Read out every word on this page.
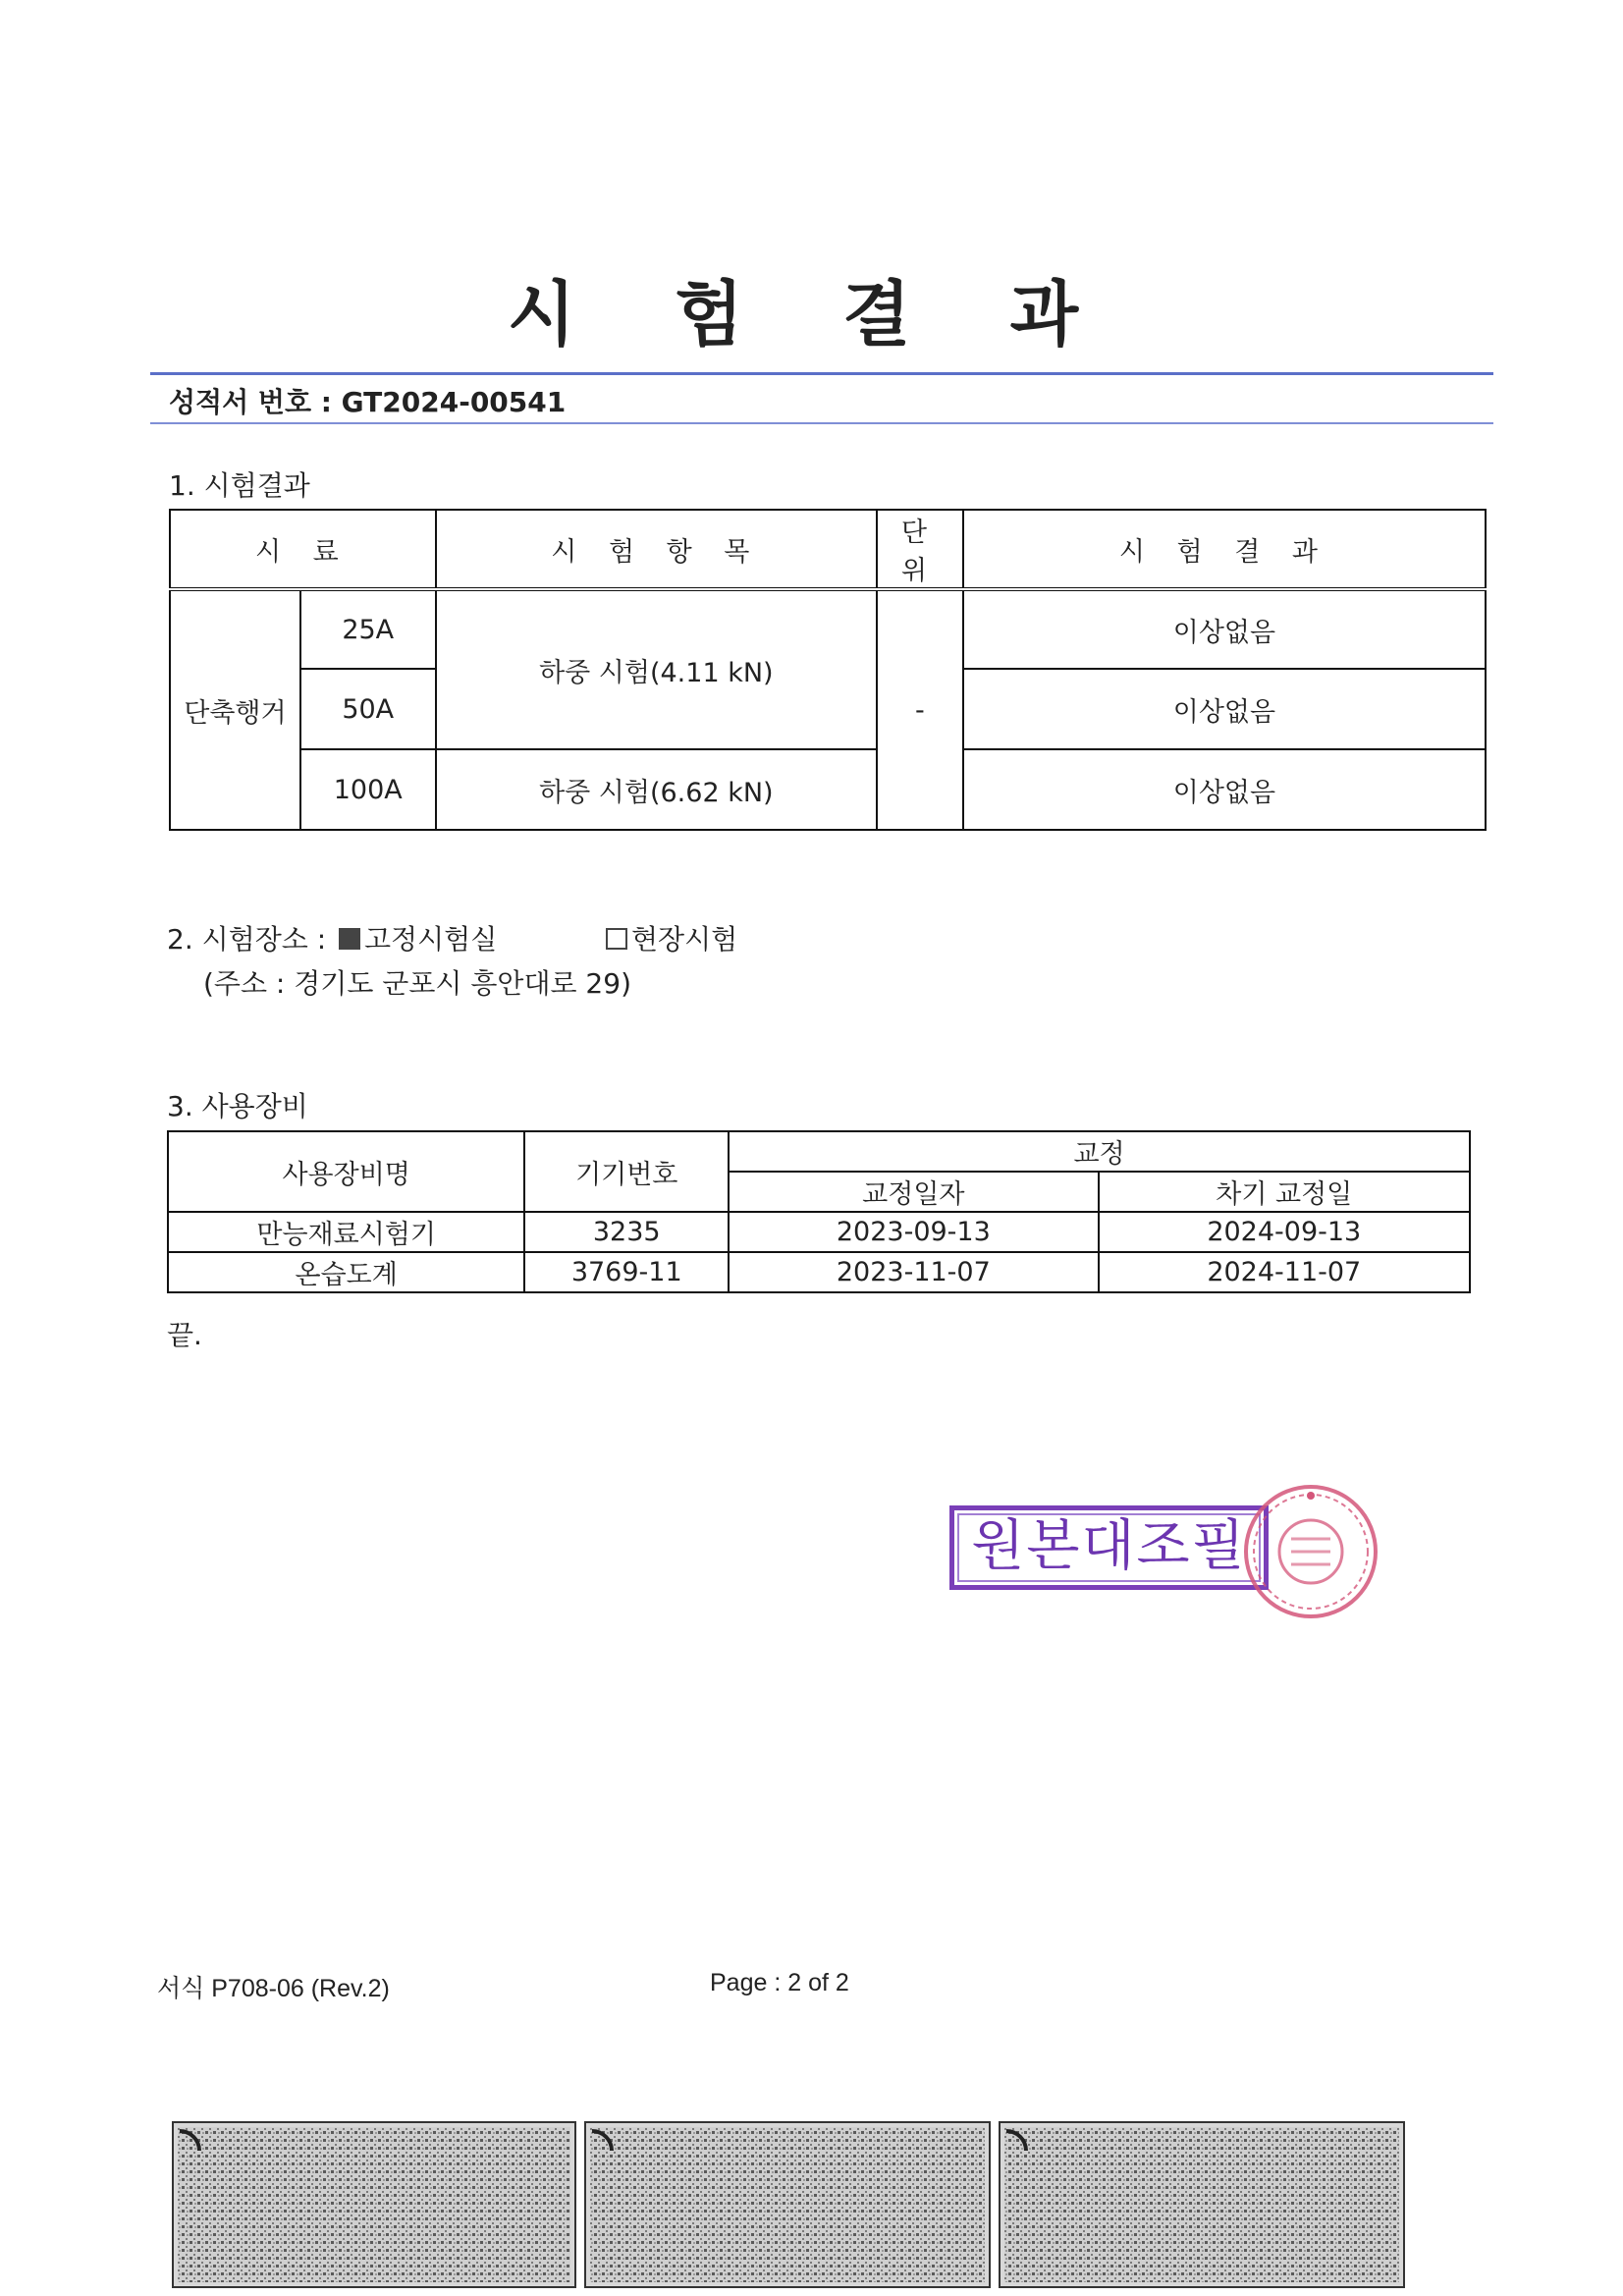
시 험 결 과
성적서 번호 : GT2024-00541
1. 시험결과
시 료		시 험 항 목	단 위	시 험 결 과
단축행거	25A	하중 시험(4.11 kN)	-	이상없음
	50A			이상없음
	100A	하중 시험(6.62 kN)		이상없음
2. 시험장소 :	고정시험실	현장시험
(주소 : 경기도 군포시 흥안대로 29)
3. 사용장비
사용장비명	기기번호	교정	
		교정일자	차기 교정일
만능재료시험기	3235	2023-09-13	2024-09-13
온습도계	3769-11	2023-11-07	2024-11-07
끝.
원본대조필
서식 P708-06 (Rev.2)	Page : 2 of 2
